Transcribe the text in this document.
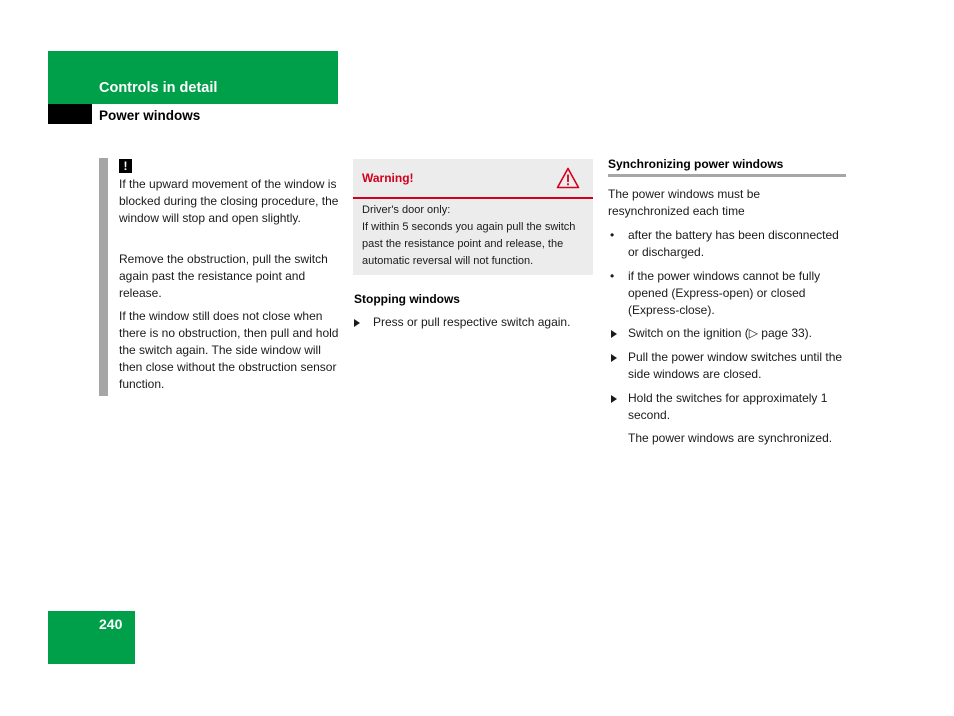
Controls in detail
Power windows
!
If the upward movement of the window is blocked during the closing procedure, the window will stop and open slightly.
Remove the obstruction, pull the switch again past the resistance point and release.
If the window still does not close when there is no obstruction, then pull and hold the switch again. The side window will then close without the obstruction sensor function.
Warning!
Driver's door only:
If within 5 seconds you again pull the switch past the resistance point and release, the automatic reversal will not function.
Stopping windows
Press or pull respective switch again.
Synchronizing power windows
The power windows must be resynchronized each time
• after the battery has been disconnected or discharged.
• if the power windows cannot be fully opened (Express-open) or closed (Express-close).
Switch on the ignition (▷ page 33).
Pull the power window switches until the side windows are closed.
Hold the switches for approximately 1 second.
The power windows are synchronized.
240
